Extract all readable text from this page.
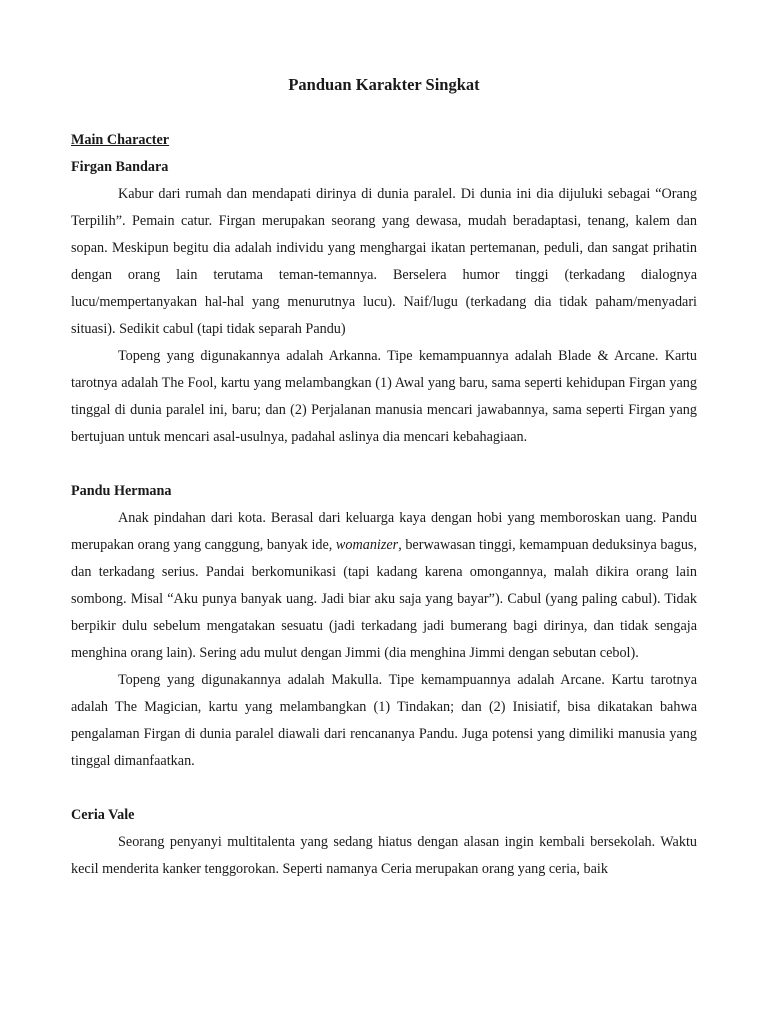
Panduan Karakter Singkat
Main Character
Firgan Bandara

Kabur dari rumah dan mendapati dirinya di dunia paralel. Di dunia ini dia dijuluki sebagai “Orang Terpilih”. Pemain catur. Firgan merupakan seorang yang dewasa, mudah beradaptasi, tenang, kalem dan sopan. Meskipun begitu dia adalah individu yang menghargai ikatan pertemanan, peduli, dan sangat prihatin dengan orang lain terutama teman-temannya. Berselera humor tinggi (terkadang dialognya lucu/mempertanyakan hal-hal yang menurutnya lucu). Naif/lugu (terkadang dia tidak paham/menyadari situasi). Sedikit cabul (tapi tidak separah Pandu)

Topeng yang digunakannya adalah Arkanna. Tipe kemampuannya adalah Blade & Arcane. Kartu tarotnya adalah The Fool, kartu yang melambangkan (1) Awal yang baru, sama seperti kehidupan Firgan yang tinggal di dunia paralel ini, baru; dan (2) Perjalanan manusia mencari jawabannya, sama seperti Firgan yang bertujuan untuk mencari asal-usulnya, padahal aslinya dia mencari kebahagiaan.

Pandu Hermana

Anak pindahan dari kota. Berasal dari keluarga kaya dengan hobi yang memboroskan uang. Pandu merupakan orang yang canggung, banyak ide, womanizer, berwawasan tinggi, kemampuan deduksinya bagus, dan terkadang serius. Pandai berkomunikasi (tapi kadang karena omongannya, malah dikira orang lain sombong. Misal “Aku punya banyak uang. Jadi biar aku saja yang bayar”). Cabul (yang paling cabul). Tidak berpikir dulu sebelum mengatakan sesuatu (jadi terkadang jadi bumerang bagi dirinya, dan tidak sengaja menghina orang lain). Sering adu mulut dengan Jimmi (dia menghina Jimmi dengan sebutan cebol).

Topeng yang digunakannya adalah Makulla. Tipe kemampuannya adalah Arcane. Kartu tarotnya adalah The Magician, kartu yang melambangkan (1) Tindakan; dan (2) Inisiatif, bisa dikatakan bahwa pengalaman Firgan di dunia paralel diawali dari rencananya Pandu. Juga potensi yang dimiliki manusia yang tinggal dimanfaatkan.

Ceria Vale

Seorang penyanyi multitalenta yang sedang hiatus dengan alasan ingin kembali bersekolah. Waktu kecil menderita kanker tenggorokan. Seperti namanya Ceria merupakan orang yang ceria, baik
